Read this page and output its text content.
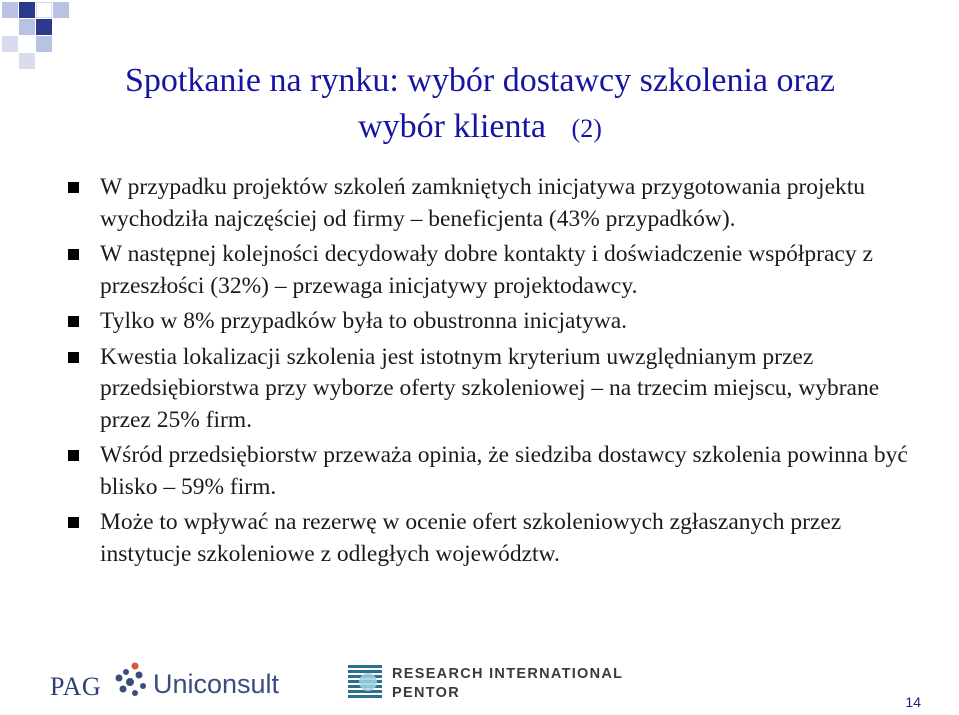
Spotkanie na rynku: wybór dostawcy szkolenia oraz
wybór klienta (2)
W przypadku projektów szkoleń zamkniętych inicjatywa przygotowania projektu wychodziła najczęściej od firmy – beneficjenta (43% przypadków).
W następnej kolejności decydowały dobre kontakty i doświadczenie współpracy z przeszłości (32%) – przewaga inicjatywy projektodawcy.
Tylko w 8% przypadków była to obustronna inicjatywa.
Kwestia lokalizacji szkolenia jest istotnym kryterium uwzględnianym przez przedsiębiorstwa przy wyborze oferty szkoleniowej – na trzecim miejscu, wybrane przez 25% firm.
Wśród przedsiębiorstw przeważa opinia, że siedziba dostawcy szkolenia powinna być blisko – 59% firm.
Może to wpływać na rezerwę w ocenie ofert szkoleniowych zgłaszanych przez instytucje szkoleniowe z odległych województw.
PAG Uniconsult	RESEARCH INTERNATIONAL
PENTOR
14
